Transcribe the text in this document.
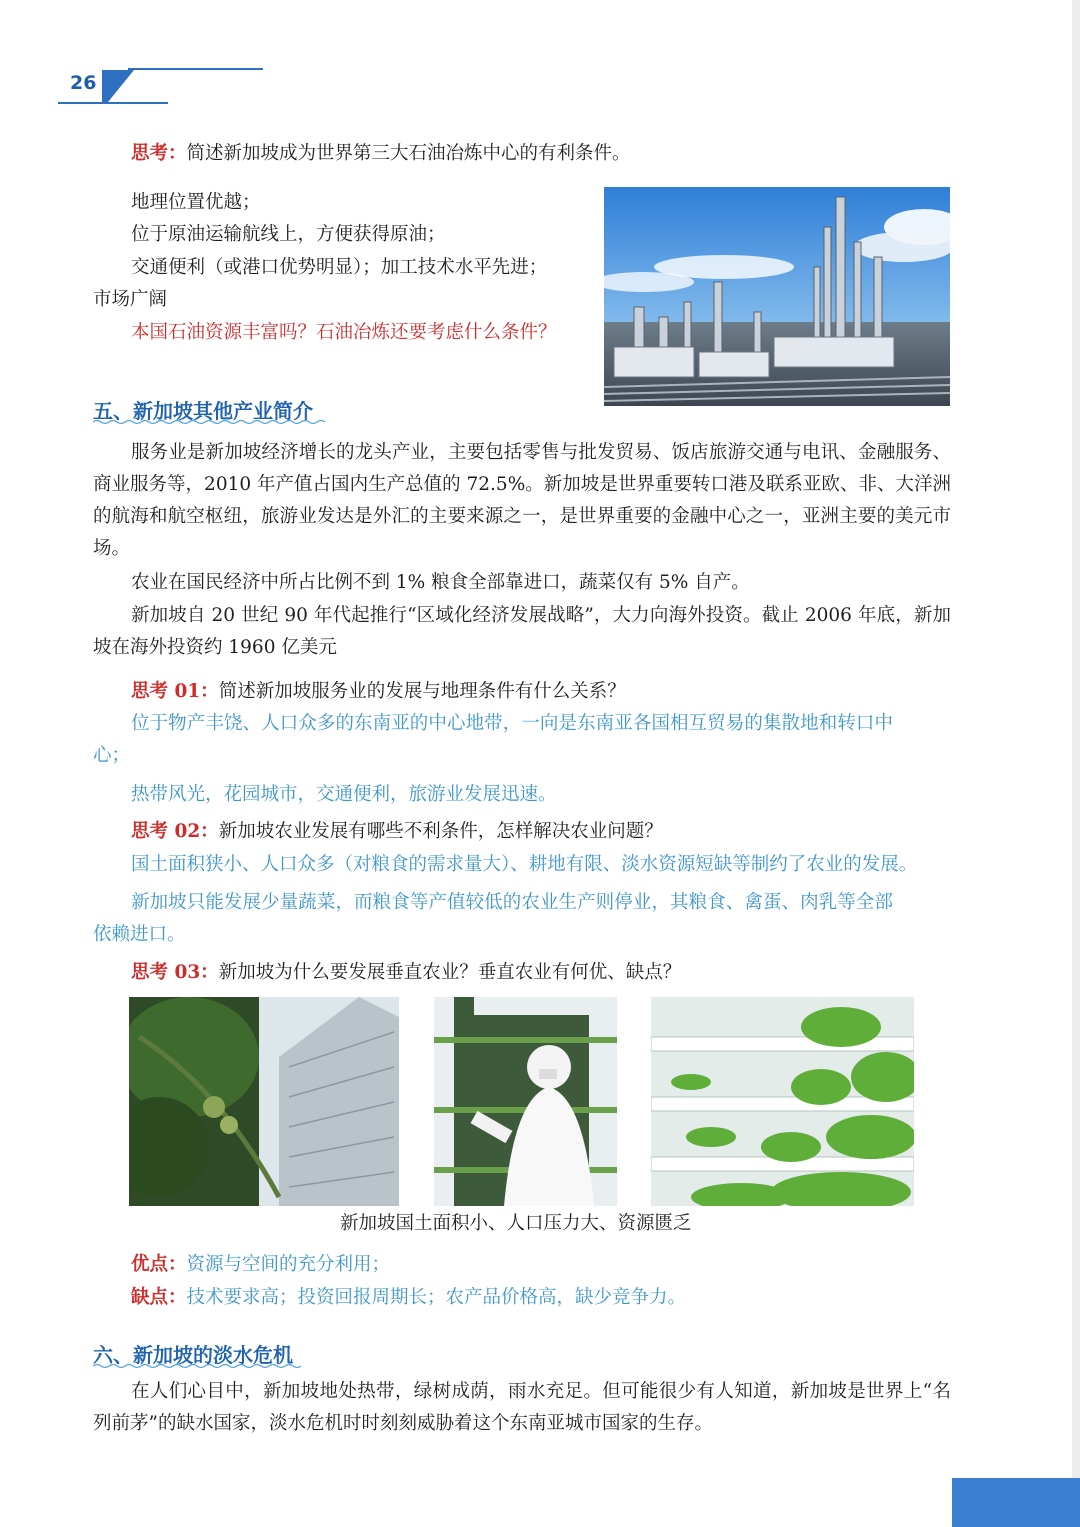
26
思考：简述新加坡成为世界第三大石油冶炼中心的有利条件。
地理位置优越；
位于原油运输航线上，方便获得原油；
交通便利（或港口优势明显）；加工技术水平先进；
市场广阔
本国石油资源丰富吗？石油冶炼还要考虑什么条件？
五、新加坡其他产业简介
服务业是新加坡经济增长的龙头产业，主要包括零售与批发贸易、饭店旅游交通与电讯、金融服务、商业服务等，2010 年产值占国内生产总值的 72.5%。新加坡是世界重要转口港及联系亚欧、非、大洋洲的航海和航空枢纽，旅游业发达是外汇的主要来源之一，是世界重要的金融中心之一，亚洲主要的美元市场。
农业在国民经济中所占比例不到 1% 粮食全部靠进口，蔬菜仅有 5% 自产。
新加坡自 20 世纪 90 年代起推行“区域化经济发展战略”，大力向海外投资。截止 2006 年底，新加坡在海外投资约 1960 亿美元
思考 01：简述新加坡服务业的发展与地理条件有什么关系？
位于物产丰饶、人口众多的东南亚的中心地带，一向是东南亚各国相互贸易的集散地和转口中心；
热带风光，花园城市，交通便利，旅游业发展迅速。
思考 02：新加坡农业发展有哪些不利条件，怎样解决农业问题？
国土面积狭小、人口众多（对粮食的需求量大）、耕地有限、淡水资源短缺等制约了农业的发展。
新加坡只能发展少量蔬菜，而粮食等产值较低的农业生产则停业，其粮食、禽蛋、肉乳等全部依赖进口。
思考 03：新加坡为什么要发展垂直农业？垂直农业有何优、缺点？
新加坡国土面积小、人口压力大、资源匮乏
优点：资源与空间的充分利用；
缺点：技术要求高；投资回报周期长；农产品价格高，缺少竞争力。
六、新加坡的淡水危机
在人们心目中，新加坡地处热带，绿树成荫，雨水充足。但可能很少有人知道，新加坡是世界上“名列前茅”的缺水国家，淡水危机时时刻刻威胁着这个东南亚城市国家的生存。
